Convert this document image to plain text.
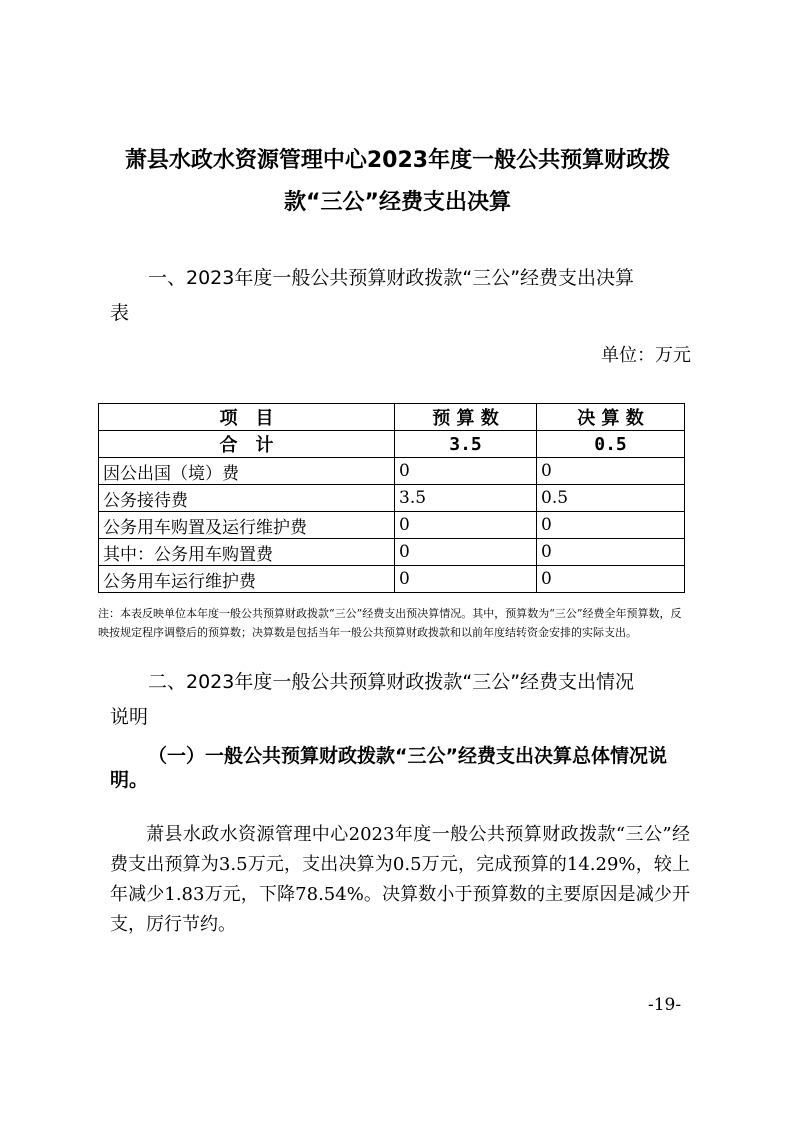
萧县水政水资源管理中心2023年度一般公共预算财政拨
款“三公”经费支出决算
一、2023年度一般公共预算财政拨款“三公”经费支出决算
表
单位：万元
项　目	预 算 数	决 算 数
合　计	3.5	0.5
因公出国（境）费	0	0
公务接待费	3.5	0.5
公务用车购置及运行维护费	0	0
其中：公务用车购置费	0	0
公务用车运行维护费	0	0
注：本表反映单位本年度一般公共预算财政拨款“三公”经费支出预决算情况。其中，预算数为“三公”经费全年预算数，反映按规定程序调整后的预算数；决算数是包括当年一般公共预算财政拨款和以前年度结转资金安排的实际支出。
二、2023年度一般公共预算财政拨款“三公”经费支出情况
说明
（一）一般公共预算财政拨款“三公”经费支出决算总体情况说明。
萧县水政水资源管理中心2023年度一般公共预算财政拨款“三公”经费支出预算为3.5万元，支出决算为0.5万元，完成预算的14.29%，较上年减少1.83万元，下降78.54%。决算数小于预算数的主要原因是减少开支，厉行节约。
-19-
